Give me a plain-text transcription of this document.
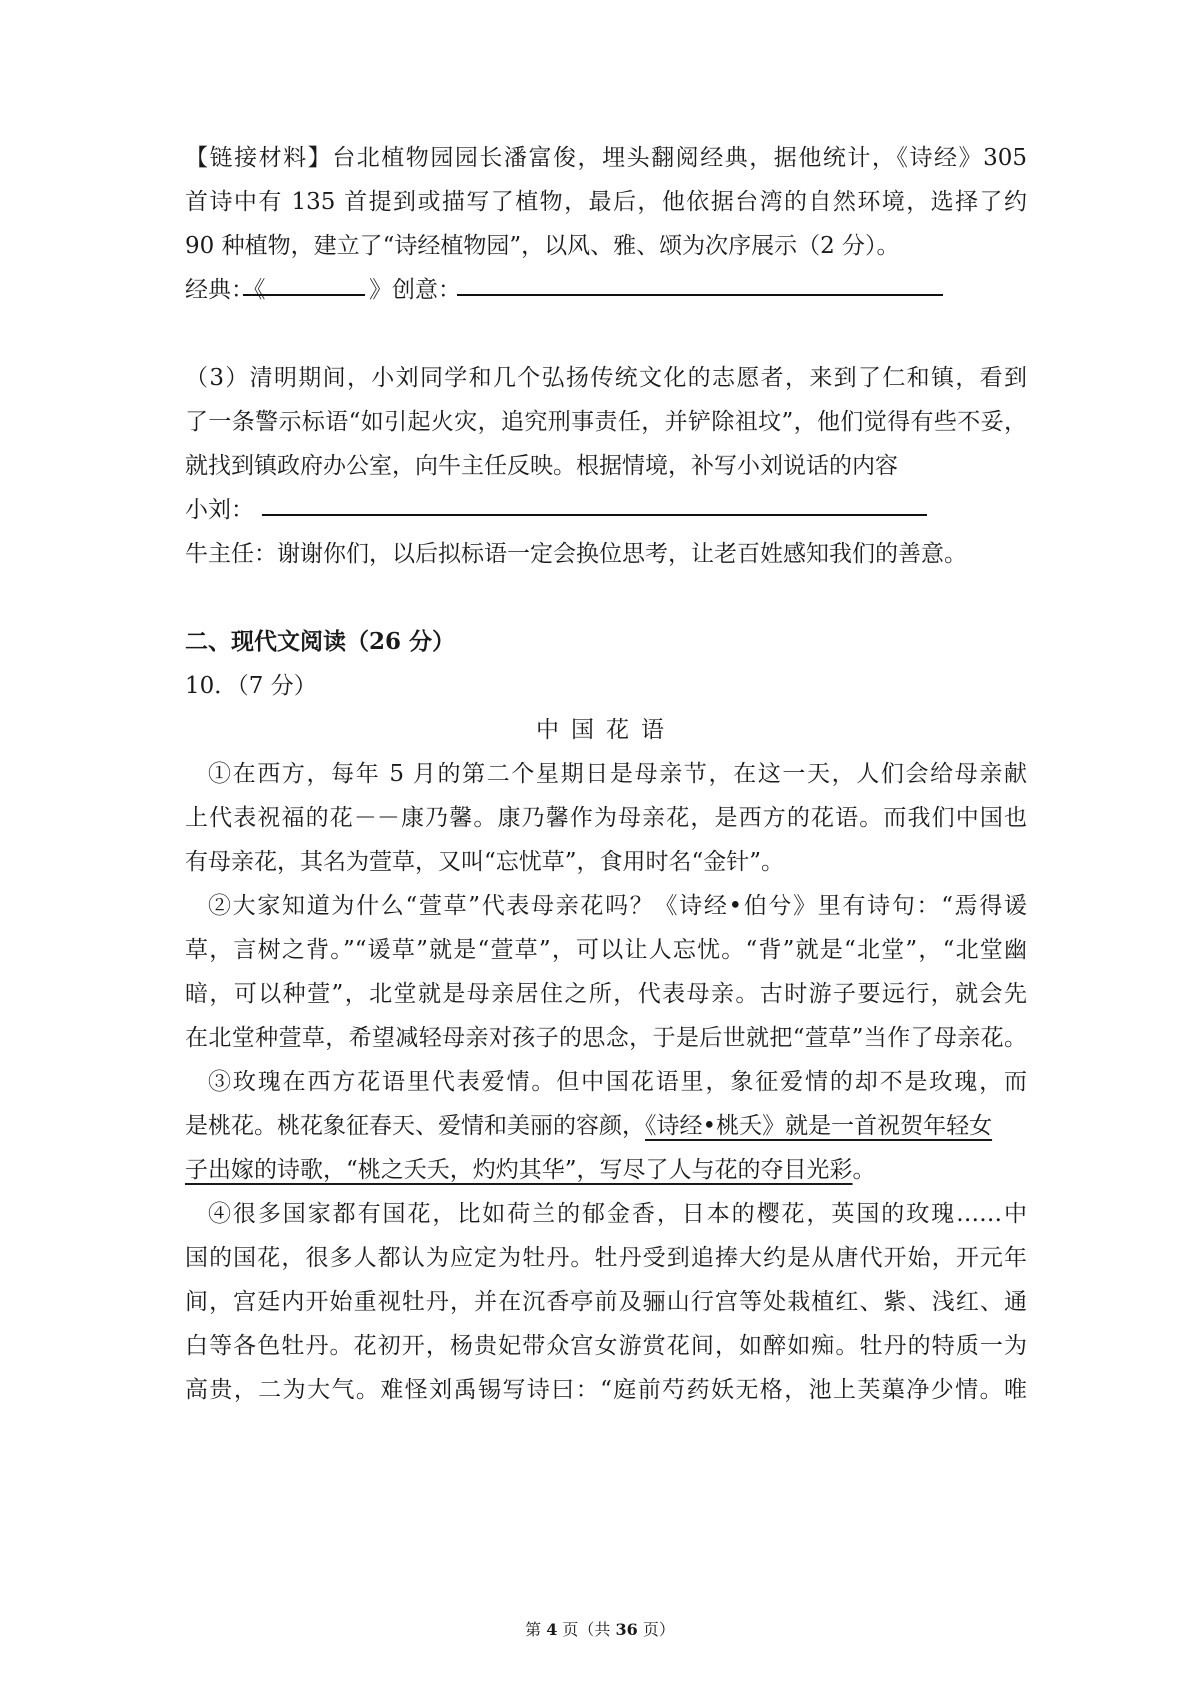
【链接材料】台北植物园园长潘富俊，埋头翻阅经典，据他统计，《诗经》305
首诗中有 135 首提到或描写了植物，最后，他依据台湾的自然环境，选择了约
90 种植物，建立了“诗经植物园”，以风、雅、颂为次序展示（2 分）。
经典：《	》创意：
（3）清明期间，小刘同学和几个弘扬传统文化的志愿者，来到了仁和镇，看到
了一条警示标语“如引起火灾，追究刑事责任，并铲除祖坟”，他们觉得有些不妥，
就找到镇政府办公室，向牛主任反映。根据情境，补写小刘说话的内容
小刘：
牛主任：谢谢你们，以后拟标语一定会换位思考，让老百姓感知我们的善意。
二、现代文阅读（26 分）
10．（7 分）
中国花语
①在西方，每年 5 月的第二个星期日是母亲节，在这一天，人们会给母亲献
上代表祝福的花－－康乃馨。康乃馨作为母亲花，是西方的花语。而我们中国也
有母亲花，其名为萱草，又叫“忘忧草”，食用时名“金针”。
②大家知道为什么“萱草”代表母亲花吗？《诗经•伯兮》里有诗句：“焉得谖
草，言树之背。”“谖草”就是“萱草”，可以让人忘忧。“背”就是“北堂”，“北堂幽
暗，可以种萱”，北堂就是母亲居住之所，代表母亲。古时游子要远行，就会先
在北堂种萱草，希望减轻母亲对孩子的思念，于是后世就把“萱草”当作了母亲花。
③玫瑰在西方花语里代表爱情。但中国花语里，象征爱情的却不是玫瑰，而
是桃花。桃花象征春天、爱情和美丽的容颜，《诗经•桃夭》就是一首祝贺年轻女
子出嫁的诗歌，“桃之夭夭，灼灼其华”，写尽了人与花的夺目光彩。
④很多国家都有国花，比如荷兰的郁金香，日本的樱花，英国的玫瑰……中
国的国花，很多人都认为应定为牡丹。牡丹受到追捧大约是从唐代开始，开元年
间，宫廷内开始重视牡丹，并在沉香亭前及骊山行宫等处栽植红、紫、浅红、通
白等各色牡丹。花初开，杨贵妃带众宫女游赏花间，如醉如痴。牡丹的特质一为
高贵，二为大气。难怪刘禹锡写诗曰：“庭前芍药妖无格，池上芙蕖净少情。唯
第 4 页（共 36 页）
